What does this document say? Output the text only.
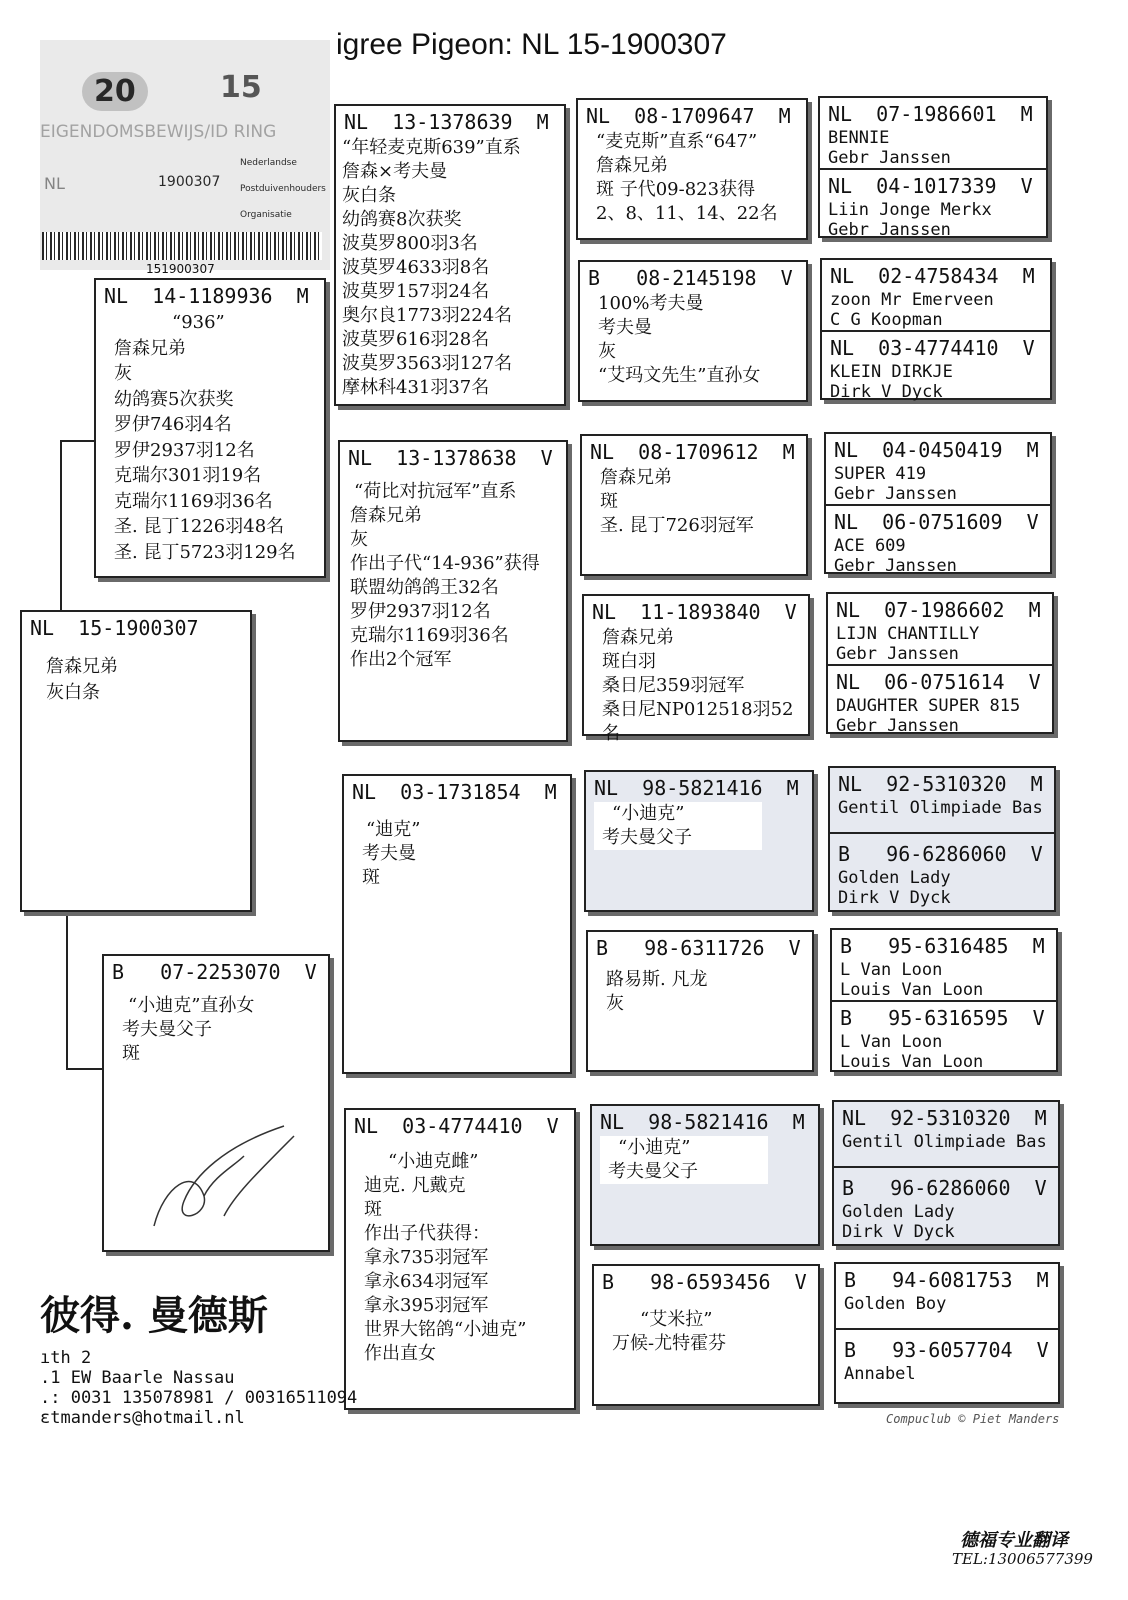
igree Pigeon: NL 15-1900307
20	15
EIGENDOMSBEWIJS/ID RING
NL	1900307
Nederlandse
Postduivenhouders
Organisatie
151900307
NL  15-1900307
詹森兄弟
灰白条
NL  14-1189936  M
“936”
詹森兄弟
灰
幼鸽赛5次获奖
罗伊746羽4名
罗伊2937羽12名
克瑞尔301羽19名
克瑞尔1169羽36名
圣. 昆丁1226羽48名
圣. 昆丁5723羽129名
B   07-2253070  V
“小迪克”直孙女
考夫曼父子
斑
NL  13-1378639  M
“年轻麦克斯639”直系
詹森×考夫曼
灰白条
幼鸽赛8次获奖
波莫罗800羽3名
波莫罗4633羽8名
波莫罗157羽24名
奥尔良1773羽224名
波莫罗616羽28名
波莫罗3563羽127名
摩林科431羽37名
NL  13-1378638  V
“荷比对抗冠军”直系
詹森兄弟
灰
作出子代“14-936”获得
联盟幼鸽鸽王32名
罗伊2937羽12名
克瑞尔1169羽36名
作出2个冠军
NL  03-1731854  M
“迪克”
考夫曼
斑
NL  03-4774410  V
“小迪克雌”
迪克. 凡戴克
斑
作出子代获得：
拿永735羽冠军
拿永634羽冠军
拿永395羽冠军
世界大铭鸽“小迪克”
作出直女
NL  08-1709647  M
“麦克斯”直系“647”
詹森兄弟
斑 子代09-823获得
2、8、11、14、22名
B   08-2145198  V
100%考夫曼
考夫曼
灰
“艾玛文先生”直孙女
NL  08-1709612  M
詹森兄弟
斑
圣. 昆丁726羽冠军
NL  11-1893840  V
詹森兄弟
斑白羽
桑日尼359羽冠军
桑日尼NP012518羽52名
NL  98-5821416  M
“小迪克”
考夫曼父子
B   98-6311726  V
路易斯. 凡龙
灰
NL  98-5821416  M
“小迪克”
考夫曼父子
B   98-6593456  V
“艾米拉”
万候-尤特霍芬
NL  07-1986601  M
BENNIE
Gebr Janssen
NL  04-1017339  V
Liin Jonge Merkx
Gebr Janssen
NL  02-4758434  M
zoon Mr Emerveen
C G Koopman
NL  03-4774410  V
KLEIN DIRKJE
Dirk V Dyck
NL  04-0450419  M
SUPER 419
Gebr Janssen
NL  06-0751609  V
ACE 609
Gebr Janssen
NL  07-1986602  M
LIJN CHANTILLY
Gebr Janssen
NL  06-0751614  V
DAUGHTER SUPER 815
Gebr Janssen
NL  92-5310320  M
Gentil Olimpiade Bas
B   96-6286060  V
Golden Lady
Dirk V Dyck
B   95-6316485  M
L Van Loon
Louis Van Loon
B   95-6316595  V
L Van Loon
Louis Van Loon
NL  92-5310320  M
Gentil Olimpiade Bas
B   96-6286060  V
Golden Lady
Dirk V Dyck
B   94-6081753  M
Golden Boy
B   93-6057704  V
Annabel
Compuclub © Piet Manders
彼得. 曼德斯
ıth 2
.1 EW Baarle Nassau
.: 0031 135078981 / 00316511094
ɛtmanders@hotmail.nl
德福专业翻译
TEL:13006577399
